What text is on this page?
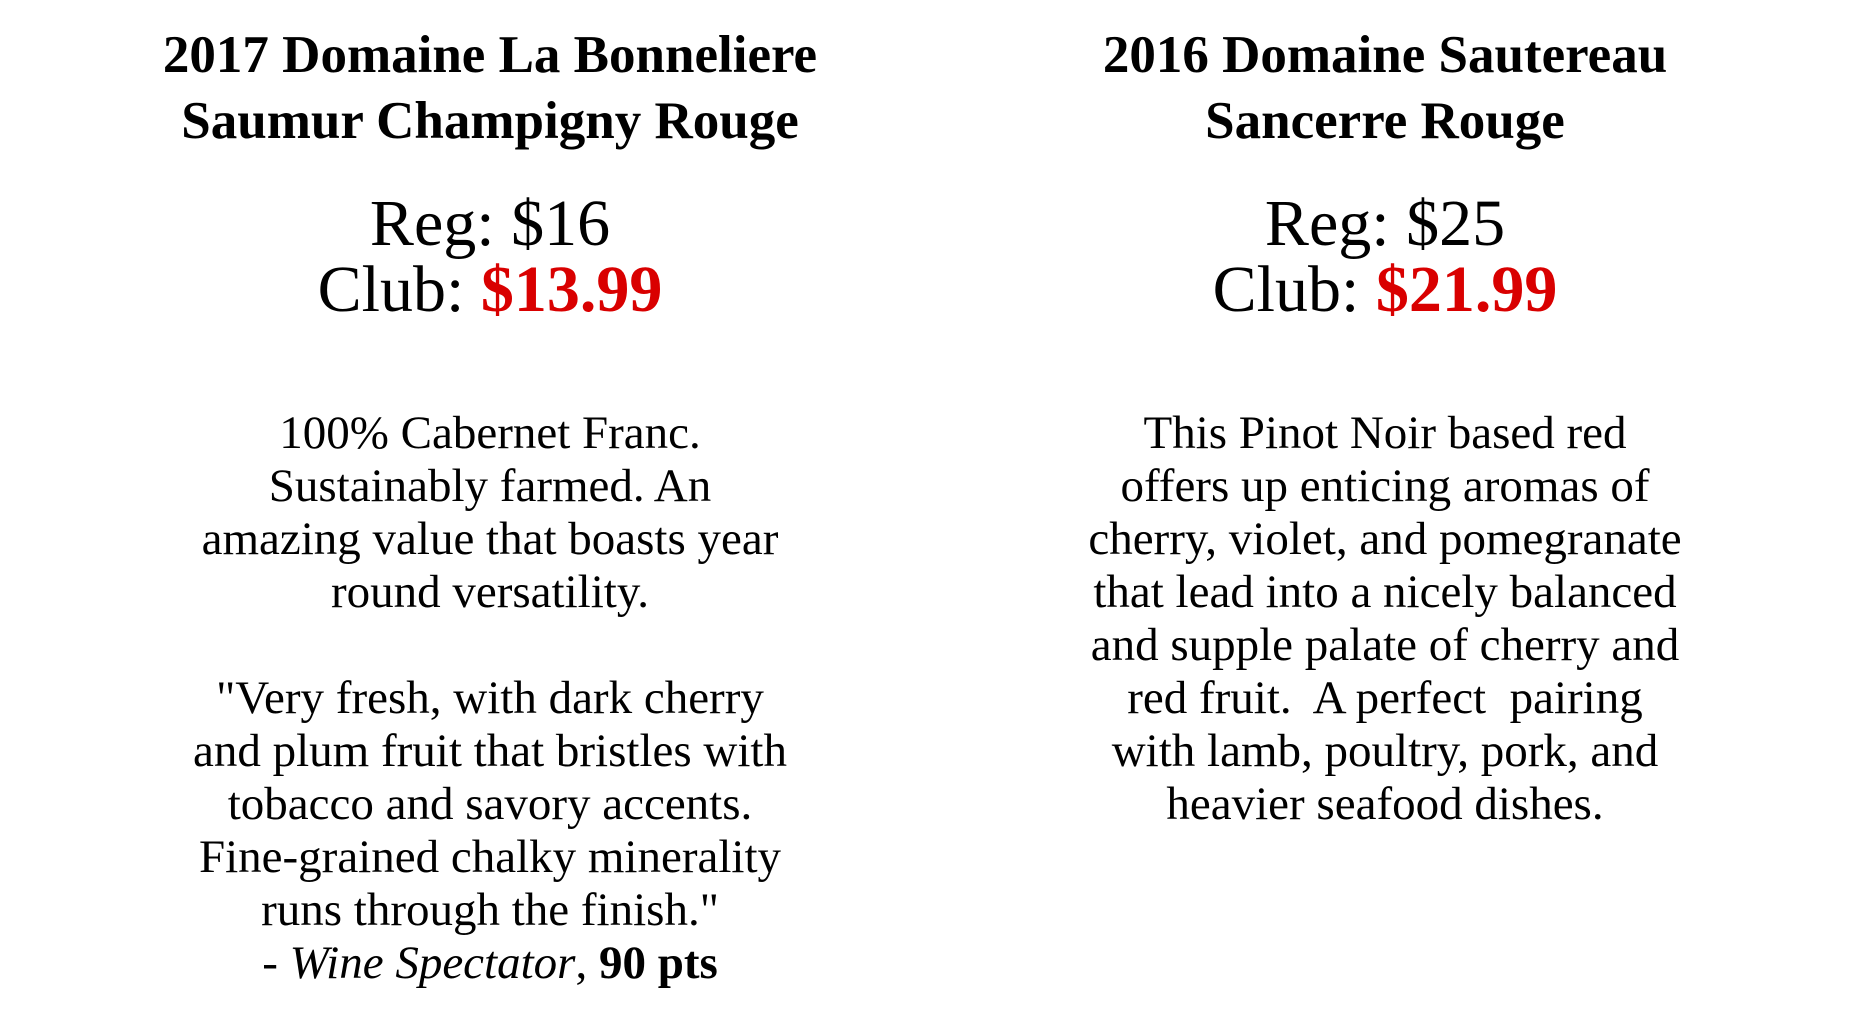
2017 Domaine La Bonneliere
Saumur Champigny Rouge
Reg: $16
Club: $13.99
100% Cabernet Franc.
Sustainably farmed. An
amazing value that boasts year
round versatility.
"Very fresh, with dark cherry
and plum fruit that bristles with
tobacco and savory accents.
Fine-grained chalky minerality
runs through the finish."
- Wine Spectator, 90 pts
2016 Domaine Sautereau
Sancerre Rouge
Reg: $25
Club: $21.99
This Pinot Noir based red
offers up enticing aromas of
cherry, violet, and pomegranate
that lead into a nicely balanced
and supple palate of cherry and
red fruit.  A perfect  pairing
with lamb, poultry, pork, and
heavier seafood dishes.
